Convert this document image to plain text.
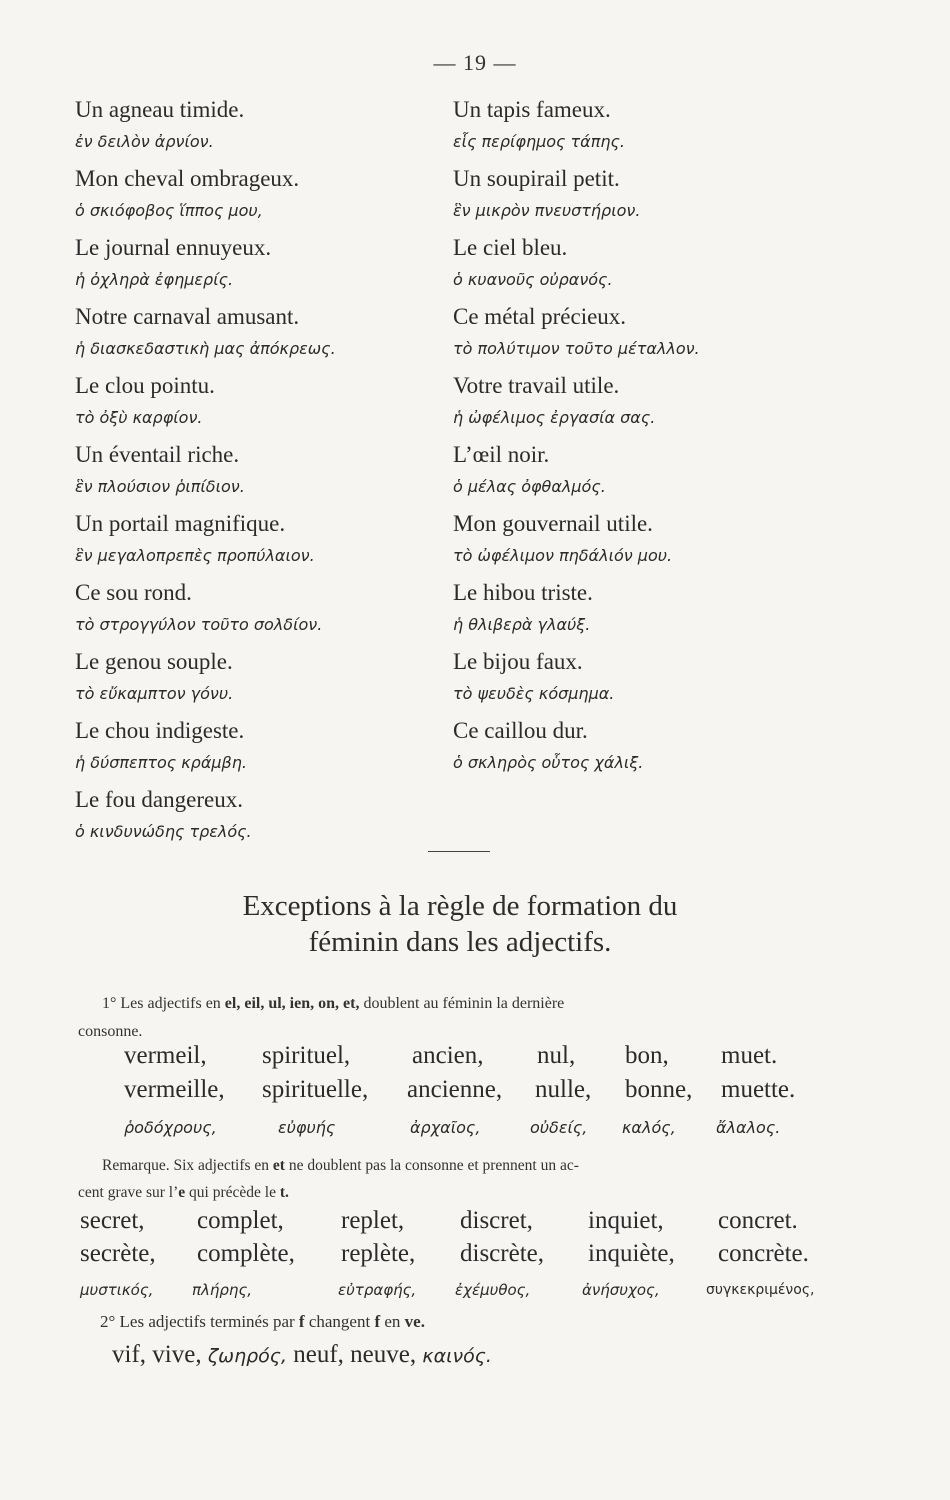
— 19 —
Un agneau timide.
ἐν δειλὸν ἀρνίον.
Mon cheval ombrageux.
ὁ σκιόφοβος ἵππος μου,
Le journal ennuyeux.
ἡ ὀχληρὰ ἐφημερίς.
Notre carnaval amusant.
ἡ διασκεδαστικὴ μας ἀπόκρεως.
Le clou pointu.
τὸ ὀξὺ καρφίον.
Un éventail riche.
ἓν πλούσιον ῥιπίδιον.
Un portail magnifique.
ἓν μεγαλοπρεπὲς προπύλαιον.
Ce sou rond.
τὸ στρογγύλον τοῦτο σολδίον.
Le genou souple.
τὸ εὔκαμπτον γόνυ.
Le chou indigeste.
ἡ δύσπεπτος κράμβη.
Le fou dangereux.
ὁ κινδυνώδης τρελός.
Un tapis fameux.
εἷς περίφημος τάπης.
Un soupirail petit.
ἓν μικρὸν πνευστήριον.
Le ciel bleu.
ὁ κυανοῦς οὐρανός.
Ce métal précieux.
τὸ πολύτιμον τοῦτο μέταλλον.
Votre travail utile.
ἡ ὠφέλιμος ἐργασία σας.
L’œil noir.
ὁ μέλας ὀφθαλμός.
Mon gouvernail utile.
τὸ ὠφέλιμον πηδάλιόν μου.
Le hibou triste.
ἡ θλιβερὰ γλαύξ.
Le bijou faux.
τὸ ψευδὲς κόσμημα.
Ce caillou dur.
ὁ σκληρὸς οὗτος χάλιξ.
Exceptions à la règle de formation du
féminin dans les adjectifs.
1° Les adjectifs en el, eil, ul, ien, on, et, doublent au féminin la dernière
consonne.
vermeil, spirituel, ancien, nul, bon, muet.
vermeille, spirituelle, ancienne, nulle, bonne, muette.
ῥοδόχρους,	εὐφυής	ἀρχαῖος,	οὐδείς, καλός,	ἄλαλος.
Remarque. Six adjectifs en et ne doublent pas la consonne et prennent un ac-
cent grave sur l’e qui précède le t.
secret, complet, replet, discret, inquiet, concret.
secrète, complète, replète, discrète, inquiète, concrète.
μυστικός,	πλήρης,	εὐτραφής,	ἐχέμυθος,	ἀνήσυχος,	συγκεκριμένος,
2° Les adjectifs terminés par f changent f en ve.
vif, vive, ζωηρός, neuf, neuve, καινός.
